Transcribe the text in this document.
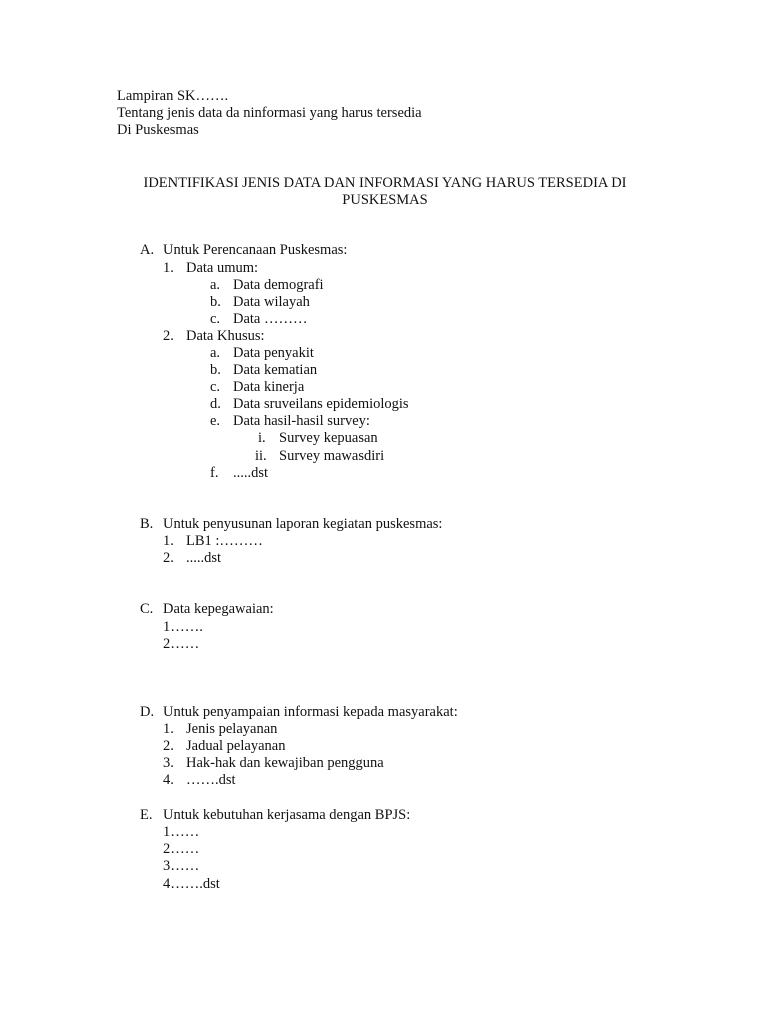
Lampiran SK…….
Tentang jenis data da ninformasi yang harus tersedia
Di Puskesmas
IDENTIFIKASI JENIS DATA DAN INFORMASI YANG HARUS TERSEDIA DI
PUSKESMAS
A. Untuk Perencanaan Puskesmas:
1. Data umum:
a. Data demografi
b. Data wilayah
c. Data ………
2. Data Khusus:
a. Data penyakit
b. Data kematian
c. Data kinerja
d. Data sruveilans epidemiologis
e. Data hasil-hasil survey:
i. Survey kepuasan
ii. Survey mawasdiri
f. .....dst
B. Untuk penyusunan laporan kegiatan puskesmas:
1. LB1 :………
2. .....dst
C. Data kepegawaian:
1…….
2……
D. Untuk penyampaian informasi kepada masyarakat:
1. Jenis pelayanan
2. Jadual pelayanan
3. Hak-hak dan kewajiban pengguna
4. …….dst
E. Untuk kebutuhan kerjasama dengan BPJS:
1……
2……
3……
4…….dst
